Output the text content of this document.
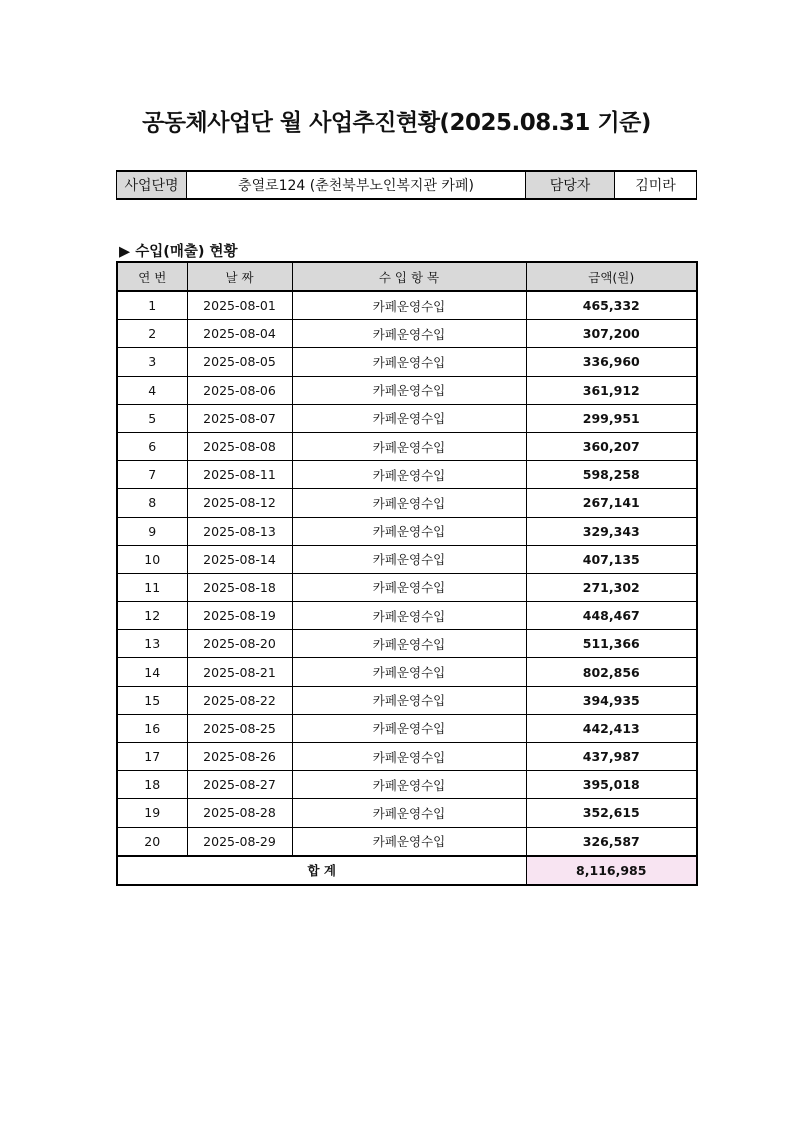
공동체사업단 월 사업추진현황(2025.08.31 기준)
사업단명	충열로124 (춘천북부노인복지관 카페)	담당자	김미라
▶ 수입(매출) 현황
연 번	날 짜	수 입 항 목	금액(원)
1	2025-08-01	카페운영수입	465,332
2	2025-08-04	카페운영수입	307,200
3	2025-08-05	카페운영수입	336,960
4	2025-08-06	카페운영수입	361,912
5	2025-08-07	카페운영수입	299,951
6	2025-08-08	카페운영수입	360,207
7	2025-08-11	카페운영수입	598,258
8	2025-08-12	카페운영수입	267,141
9	2025-08-13	카페운영수입	329,343
10	2025-08-14	카페운영수입	407,135
11	2025-08-18	카페운영수입	271,302
12	2025-08-19	카페운영수입	448,467
13	2025-08-20	카페운영수입	511,366
14	2025-08-21	카페운영수입	802,856
15	2025-08-22	카페운영수입	394,935
16	2025-08-25	카페운영수입	442,413
17	2025-08-26	카페운영수입	437,987
18	2025-08-27	카페운영수입	395,018
19	2025-08-28	카페운영수입	352,615
20	2025-08-29	카페운영수입	326,587
합 계			8,116,985
